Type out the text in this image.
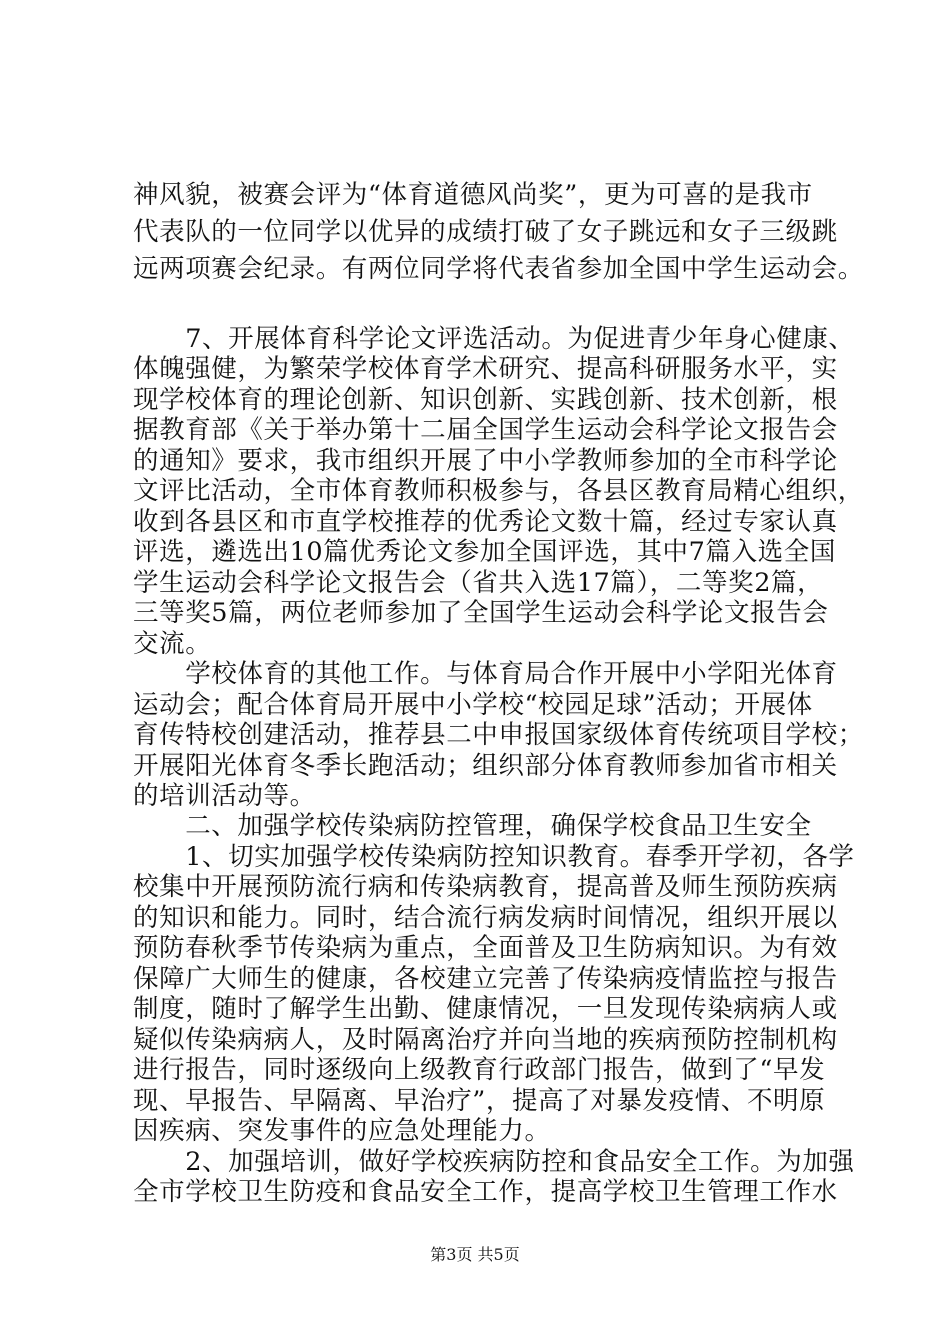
神风貌，被赛会评为“体育道德风尚奖”，更为可喜的是我市
代表队的一位同学以优异的成绩打破了女子跳远和女子三级跳
远两项赛会纪录。有两位同学将代表省参加全国中学生运动会。
　　7、开展体育科学论文评选活动。为促进青少年身心健康、
体魄强健，为繁荣学校体育学术研究、提高科研服务水平，实
现学校体育的理论创新、知识创新、实践创新、技术创新，根
据教育部《关于举办第十二届全国学生运动会科学论文报告会
的通知》要求，我市组织开展了中小学教师参加的全市科学论
文评比活动，全市体育教师积极参与，各县区教育局精心组织，
收到各县区和市直学校推荐的优秀论文数十篇，经过专家认真
评选，遴选出10篇优秀论文参加全国评选，其中7篇入选全国
学生运动会科学论文报告会（省共入选17篇），二等奖2篇，
三等奖5篇，两位老师参加了全国学生运动会科学论文报告会
交流。
　　学校体育的其他工作。与体育局合作开展中小学阳光体育
运动会；配合体育局开展中小学校“校园足球”活动；开展体
育传特校创建活动，推荐县二中申报国家级体育传统项目学校；
开展阳光体育冬季长跑活动；组织部分体育教师参加省市相关
的培训活动等。
　　二、加强学校传染病防控管理，确保学校食品卫生安全
　　1、切实加强学校传染病防控知识教育。春季开学初，各学
校集中开展预防流行病和传染病教育，提高普及师生预防疾病
的知识和能力。同时，结合流行病发病时间情况，组织开展以
预防春秋季节传染病为重点，全面普及卫生防病知识。为有效
保障广大师生的健康，各校建立完善了传染病疫情监控与报告
制度，随时了解学生出勤、健康情况，一旦发现传染病病人或
疑似传染病病人，及时隔离治疗并向当地的疾病预防控制机构
进行报告，同时逐级向上级教育行政部门报告，做到了“早发
现、早报告、早隔离、早治疗”，提高了对暴发疫情、不明原
因疾病、突发事件的应急处理能力。
　　2、加强培训，做好学校疾病防控和食品安全工作。为加强
全市学校卫生防疫和食品安全工作，提高学校卫生管理工作水
第3页 共5页
